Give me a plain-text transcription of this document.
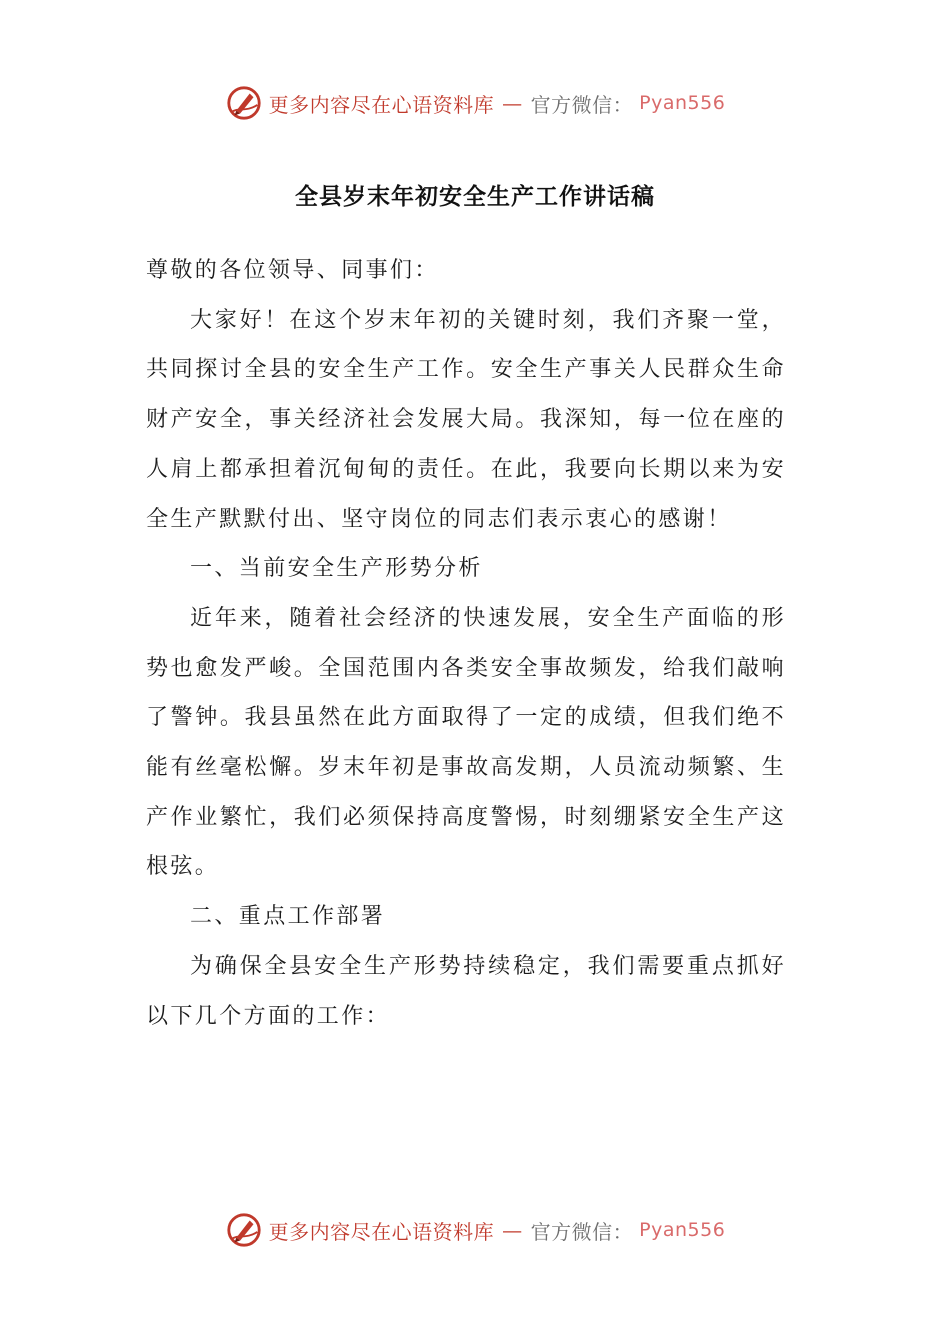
更多内容尽在心语资料库 — 官方微信： Pyan556
全县岁末年初安全生产工作讲话稿

尊敬的各位领导、同事们：

大家好！在这个岁末年初的关键时刻，我们齐聚一堂，共同探讨全县的安全生产工作。安全生产事关人民群众生命财产安全，事关经济社会发展大局。我深知，每一位在座的人肩上都承担着沉甸甸的责任。在此，我要向长期以来为安全生产默默付出、坚守岗位的同志们表示衷心的感谢！

一、当前安全生产形势分析

近年来，随着社会经济的快速发展，安全生产面临的形势也愈发严峻。全国范围内各类安全事故频发，给我们敲响了警钟。我县虽然在此方面取得了一定的成绩，但我们绝不能有丝毫松懈。岁末年初是事故高发期，人员流动频繁、生产作业繁忙，我们必须保持高度警惕，时刻绷紧安全生产这根弦。

二、重点工作部署

为确保全县安全生产形势持续稳定，我们需要重点抓好以下几个方面的工作：

更多内容尽在心语资料库 — 官方微信： Pyan556
